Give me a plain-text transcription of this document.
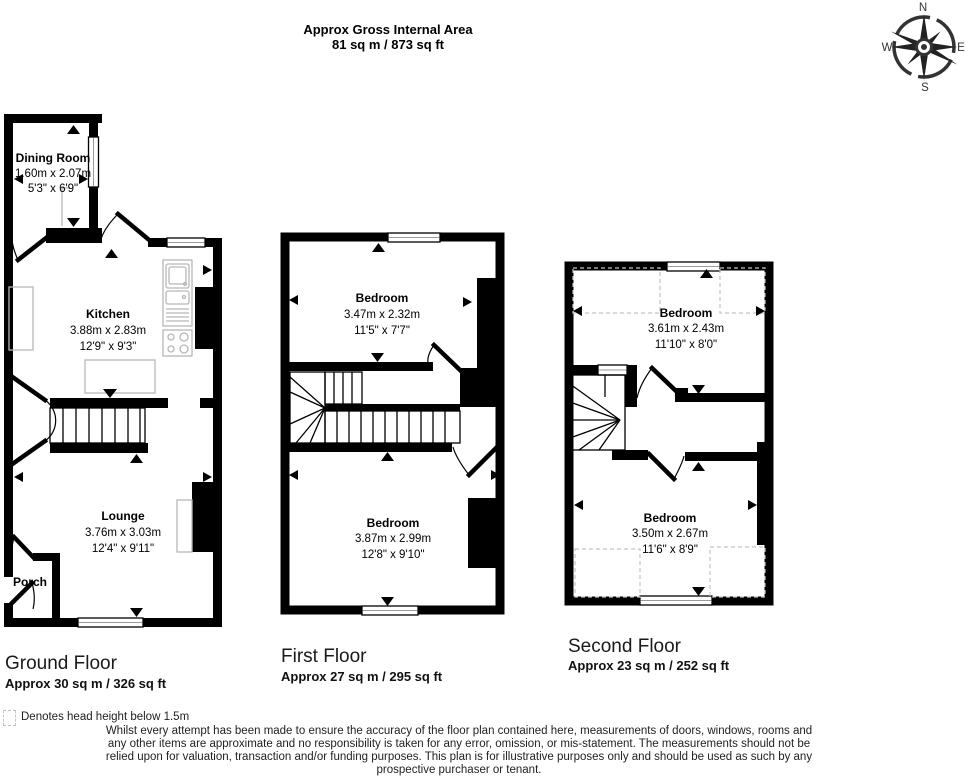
Approx Gross Internal Area
81 sq m / 873 sq ft
N
E
S
W
Dining Room
1.60m x 2.07m
5'3" x 6'9"
Kitchen
3.88m x 2.83m
12'9" x 9'3"
Lounge
3.76m x 3.03m
12'4" x 9'11"
Porch
Bedroom
3.47m x 2.32m
11'5" x 7'7"
Bedroom
3.87m x 2.99m
12'8" x 9'10"
Bedroom
3.61m x 2.43m
11'10" x 8'0"
Bedroom
3.50m x 2.67m
11'6" x 8'9"
Ground Floor
Approx 30 sq m / 326 sq ft
First Floor
Approx 27 sq m / 295 sq ft
Second Floor
Approx 23 sq m / 252 sq ft
Denotes head height below 1.5m
Whilst every attempt has been made to ensure the accuracy of the floor plan contained here, measurements of doors, windows, rooms and
any other items are approximate and no responsibility is taken for any error, omission, or mis-statement. The measurements should not be
relied upon for valuation, transaction and/or funding purposes. This plan is for illustrative purposes only and should be used as such by any
prospective purchaser or tenant.
